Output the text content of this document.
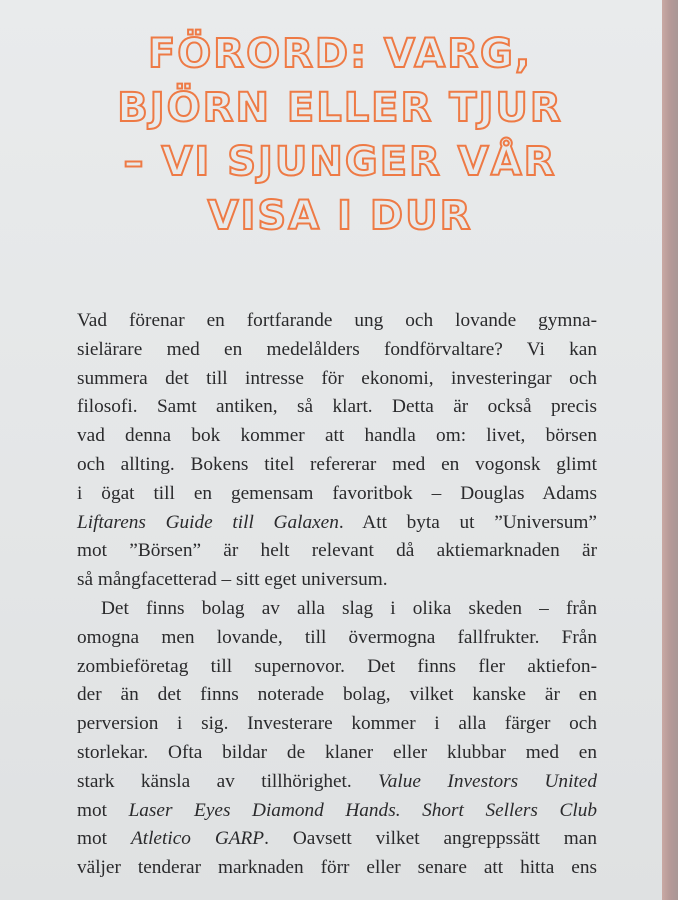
FÖRORD: VARG,
BJÖRN ELLER TJUR
– VI SJUNGER VÅR
VISA I DUR
Vad förenar en fortfarande ung och lovande gymna-
sielärare med en medelålders fondförvaltare? Vi kan
summera det till intresse för ekonomi, investeringar och
filosofi. Samt antiken, så klart. Detta är också precis
vad denna bok kommer att handla om: livet, börsen
och allting. Bokens titel refererar med en vogonsk glimt
i ögat till en gemensam favoritbok – Douglas Adams
Liftarens Guide till Galaxen. Att byta ut ”Universum”
mot ”Börsen” är helt relevant då aktiemarknaden är
så mångfacetterad – sitt eget universum.
Det finns bolag av alla slag i olika skeden – från
omogna men lovande, till övermogna fallfrukter. Från
zombieföretag till supernovor. Det finns fler aktiefon-
der än det finns noterade bolag, vilket kanske är en
perversion i sig. Investerare kommer i alla färger och
storlekar. Ofta bildar de klaner eller klubbar med en
stark känsla av tillhörighet. Value Investors United
mot Laser Eyes Diamond Hands. Short Sellers Club
mot Atletico GARP. Oavsett vilket angreppssätt man
väljer tenderar marknaden förr eller senare att hitta ens
